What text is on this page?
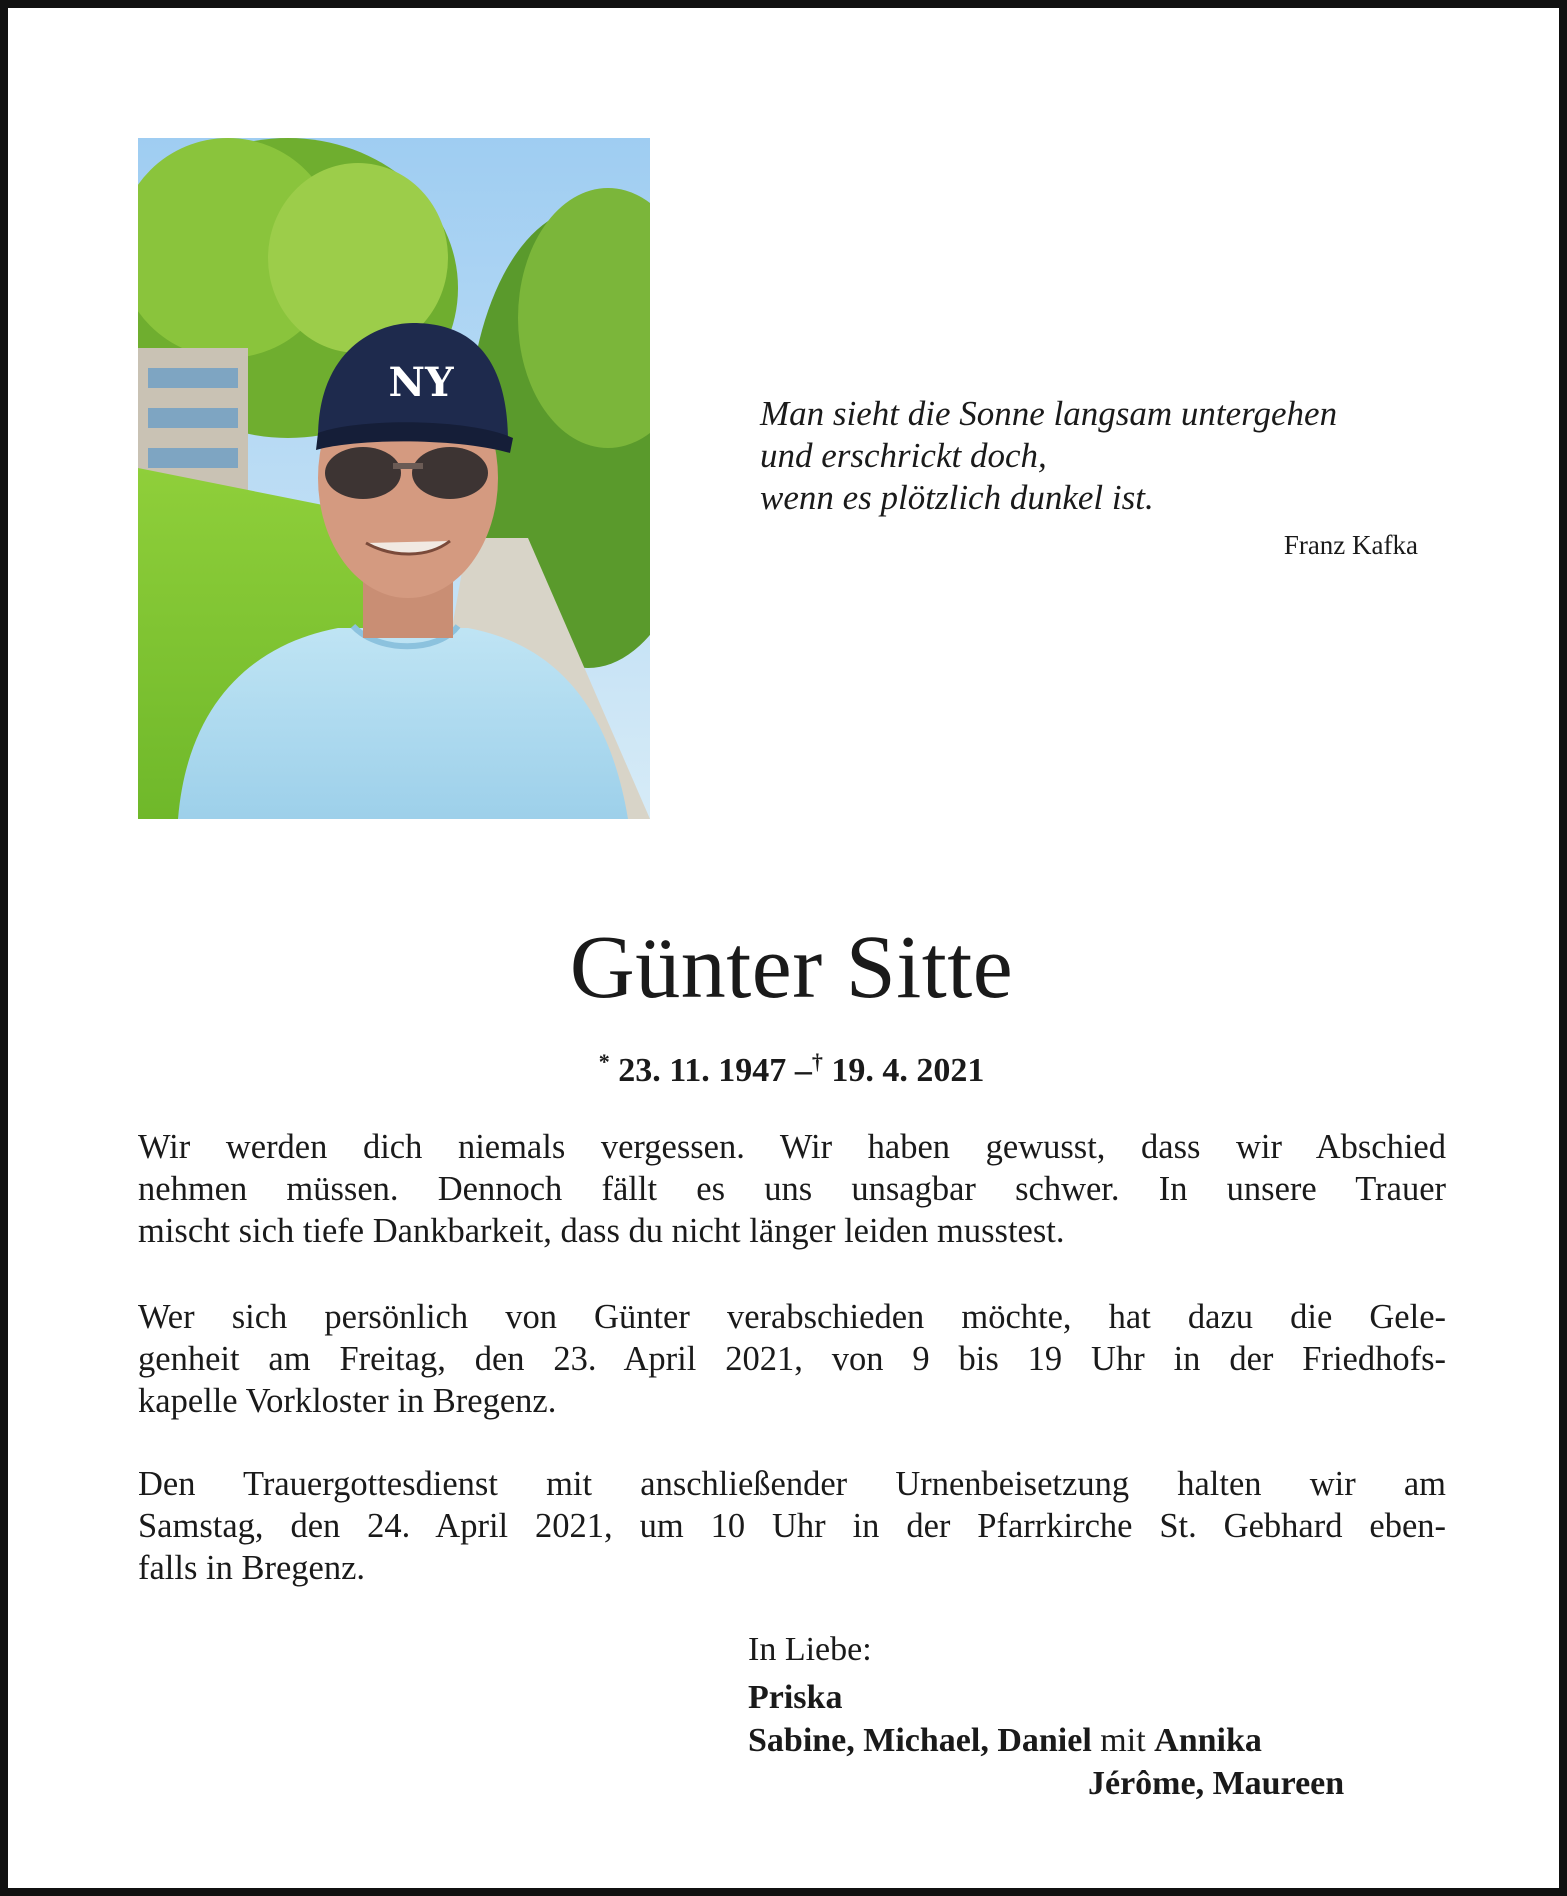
NY
Man sieht die Sonne langsam untergehen
und erschrickt doch,
wenn es plötzlich dunkel ist.
Franz Kafka
Günter Sitte
* 23. 11. 1947 –† 19. 4. 2021
Wir werden dich niemals vergessen. Wir haben gewusst, dass wir Abschied
nehmen müssen. Dennoch fällt es uns unsagbar schwer. In unsere Trauer
mischt sich tiefe Dankbarkeit, dass du nicht länger leiden musstest.
Wer sich persönlich von Günter verabschieden möchte, hat dazu die Gele-
genheit am Freitag, den 23. April 2021, von 9 bis 19 Uhr in der Friedhofs-
kapelle Vorkloster in Bregenz.
Den Trauergottesdienst mit anschließender Urnenbeisetzung halten wir am
Samstag, den 24. April 2021, um 10 Uhr in der Pfarrkirche St. Gebhard eben-
falls in Bregenz.
In Liebe:
Priska
Sabine, Michael, Daniel mit Annika
Jérôme, Maureen
